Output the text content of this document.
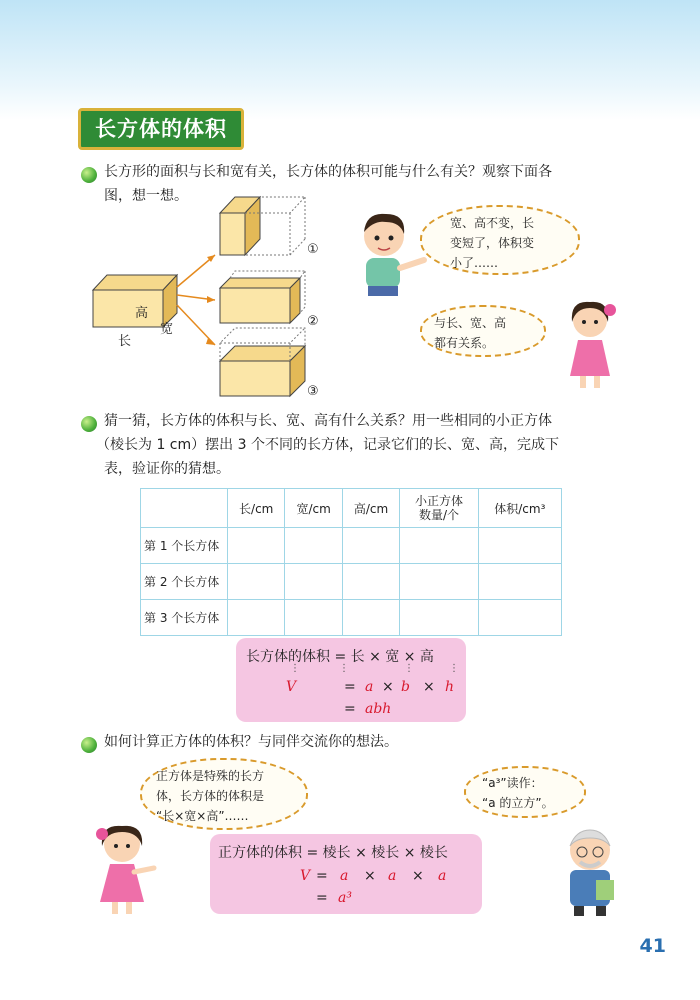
长方体的体积
长方形的面积与长和宽有关，长方体的体积可能与什么有关？观察下面各
图，想一想。
高
宽
长
①
②
③
宽、高不变，长
变短了，体积变
小了……
与长、宽、高
都有关系。
猜一猜，长方体的体积与长、宽、高有什么关系？用一些相同的小正方体
（棱长为 1 cm）摆出 3 个不同的长方体，记录它们的长、宽、高，完成下
表，验证你的猜想。
	长/cm	宽/cm	高/cm	小正方体
数量/个	体积/cm³
第 1 个长方体					
第 2 个长方体					
第 3 个长方体					
长方体的体积 = 长 × 宽 × 高
⋮	⋮	⋮	⋮
V	= a × b × h
= abh
如何计算正方体的体积？与同伴交流你的想法。
正方体是特殊的长方
体，长方体的体积是
“长×宽×高”……
“a³”读作：
“a 的立方”。
正方体的体积 = 棱长 × 棱长 × 棱长
V = a × a × a
= a³
41
